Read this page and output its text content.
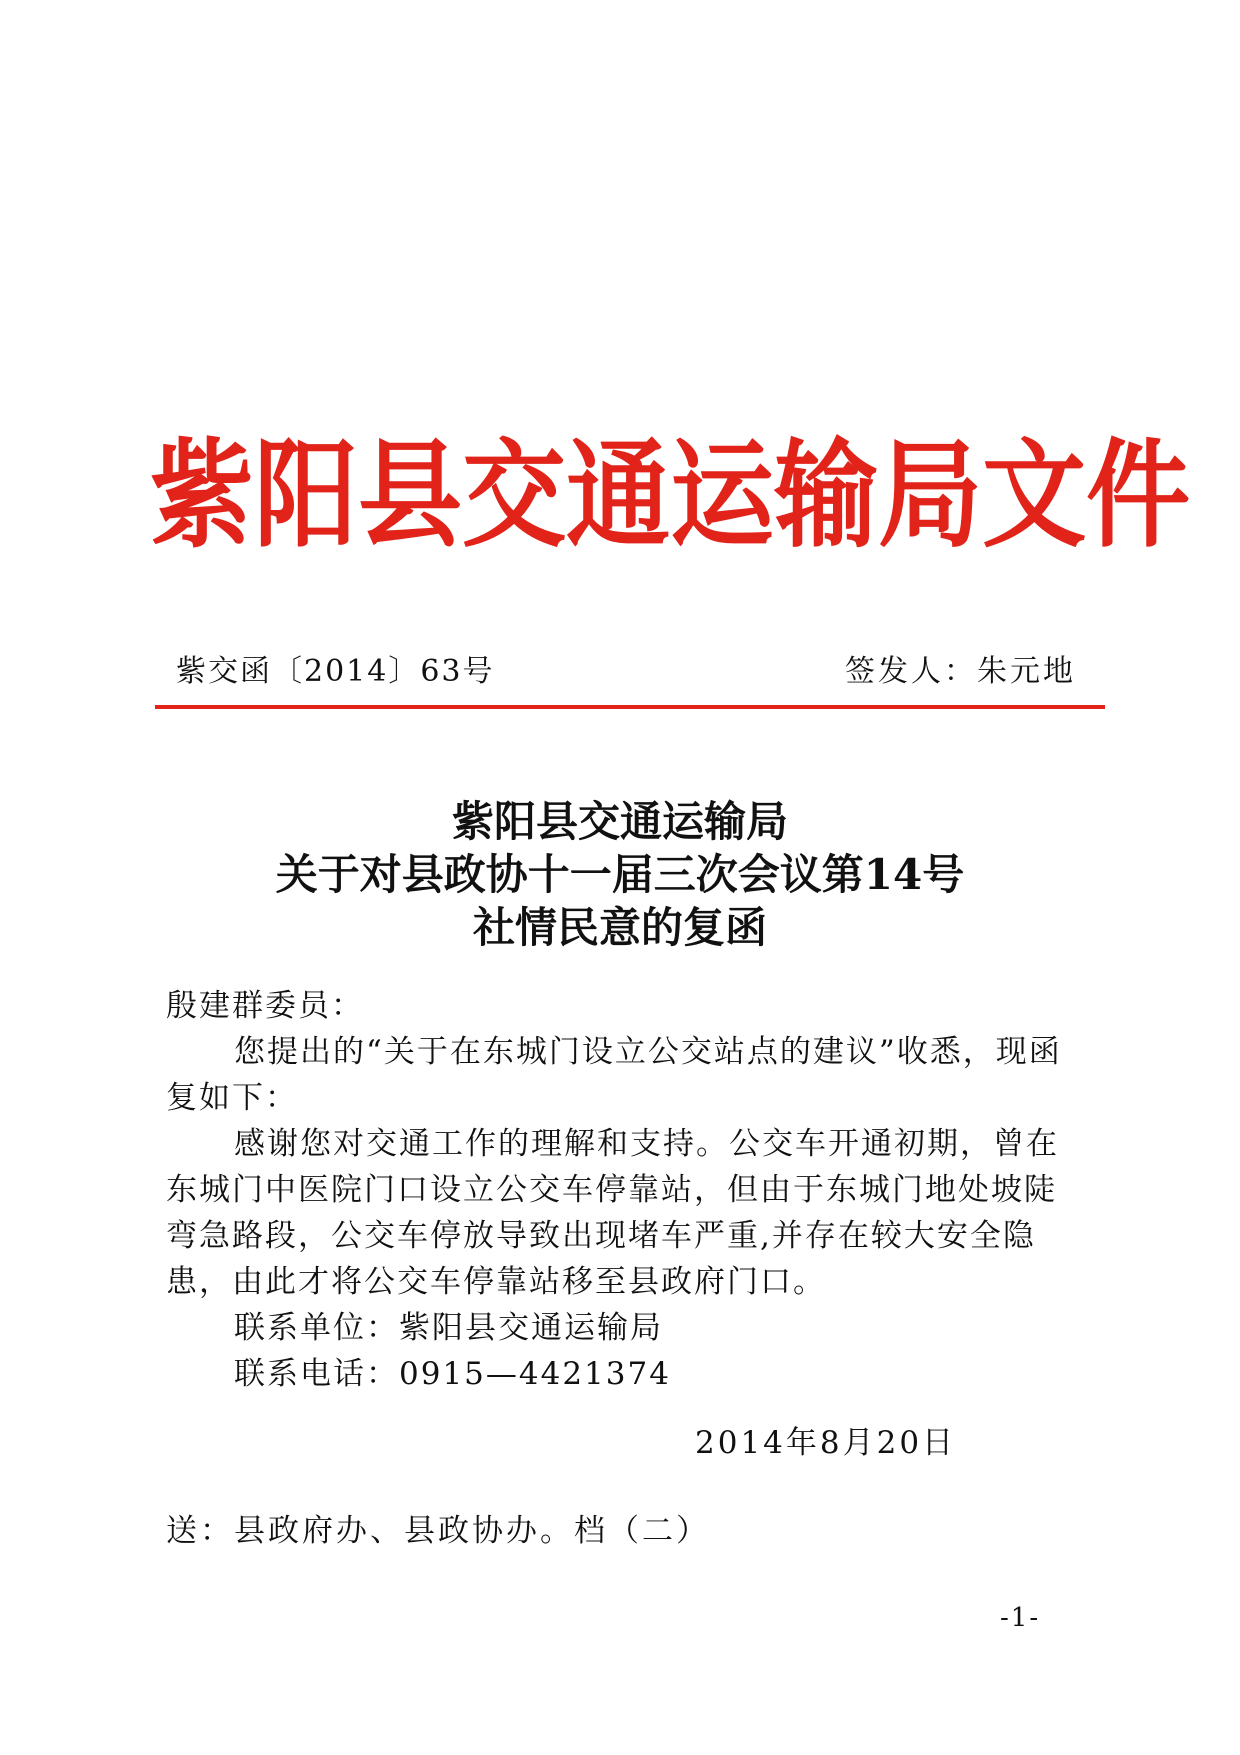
紫 阳 县 交 通 运 输 局 文 件
紫交函〔2014〕63号	签发人：朱元地
紫阳县交通运输局
关于对县政协十一届三次会议第14号
社情民意的复函

殷建群委员：

您提出的“关于在东城门设立公交站点的建议”收悉，现函复如下：

感谢您对交通工作的理解和支持。公交车开通初期，曾在东城门中医院门口设立公交车停靠站，但由于东城门地处坡陡弯急路段，公交车停放导致出现堵车严重,并存在较大安全隐患，由此才将公交车停靠站移至县政府门口。

联系单位：紫阳县交通运输局

联系电话：0915—4421374

2014年8月20日
送：县政府办、县政协办。档（二）
-1-
